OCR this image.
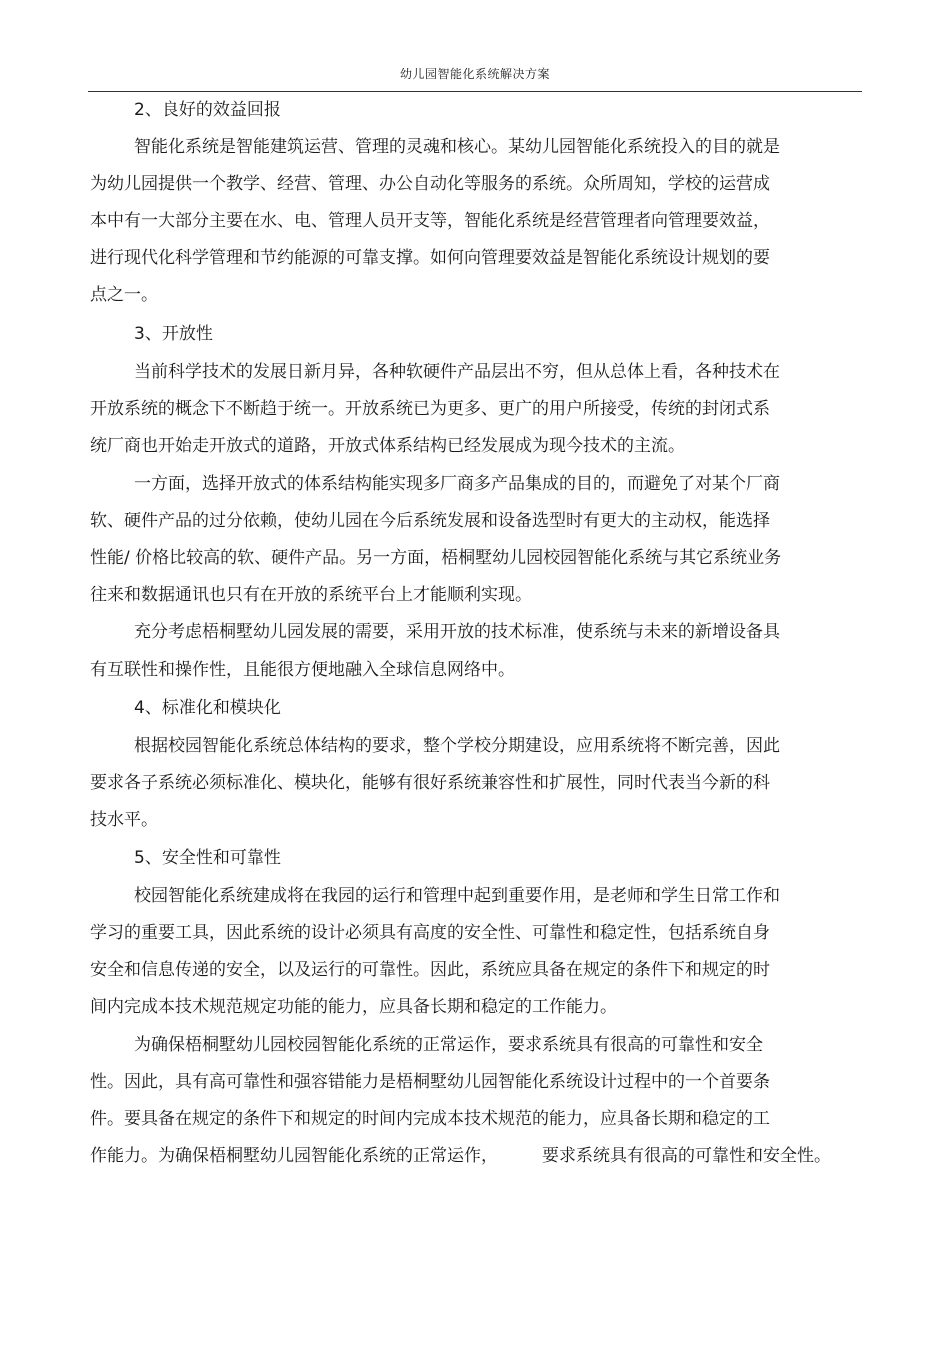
幼儿园智能化系统解决方案
2、良好的效益回报
智能化系统是智能建筑运营、管理的灵魂和核心。某幼儿园智能化系统投入的目的就是
为幼儿园提供一个教学、经营、管理、办公自动化等服务的系统。众所周知，学校的运营成
本中有一大部分主要在水、电、管理人员开支等，智能化系统是经营管理者向管理要效益，
进行现代化科学管理和节约能源的可靠支撑。如何向管理要效益是智能化系统设计规划的要
点之一。
3、开放性
当前科学技术的发展日新月异，各种软硬件产品层出不穷，但从总体上看，各种技术在
开放系统的概念下不断趋于统一。开放系统已为更多、更广的用户所接受，传统的封闭式系
统厂商也开始走开放式的道路，开放式体系结构已经发展成为现今技术的主流。
一方面，选择开放式的体系结构能实现多厂商多产品集成的目的，而避免了对某个厂商
软、硬件产品的过分依赖，使幼儿园在今后系统发展和设备选型时有更大的主动权，能选择
性能/ 价格比较高的软、硬件产品。另一方面，梧桐墅幼儿园校园智能化系统与其它系统业务
往来和数据通讯也只有在开放的系统平台上才能顺利实现。
充分考虑梧桐墅幼儿园发展的需要，采用开放的技术标准，使系统与未来的新增设备具
有互联性和操作性，且能很方便地融入全球信息网络中。
4、标准化和模块化
根据校园智能化系统总体结构的要求，整个学校分期建设，应用系统将不断完善，因此
要求各子系统必须标准化、模块化，能够有很好系统兼容性和扩展性，同时代表当今新的科
技水平。
5、安全性和可靠性
校园智能化系统建成将在我园的运行和管理中起到重要作用，是老师和学生日常工作和
学习的重要工具，因此系统的设计必须具有高度的安全性、可靠性和稳定性，包括系统自身
安全和信息传递的安全，以及运行的可靠性。因此，系统应具备在规定的条件下和规定的时
间内完成本技术规范规定功能的能力，应具备长期和稳定的工作能力。
为确保梧桐墅幼儿园校园智能化系统的正常运作，要求系统具有很高的可靠性和安全
性。因此，具有高可靠性和强容错能力是梧桐墅幼儿园智能化系统设计过程中的一个首要条
件。要具备在规定的条件下和规定的时间内完成本技术规范的能力，应具备长期和稳定的工
作能力。为确保梧桐墅幼儿园智能化系统的正常运作，	要求系统具有很高的可靠性和安全性。
